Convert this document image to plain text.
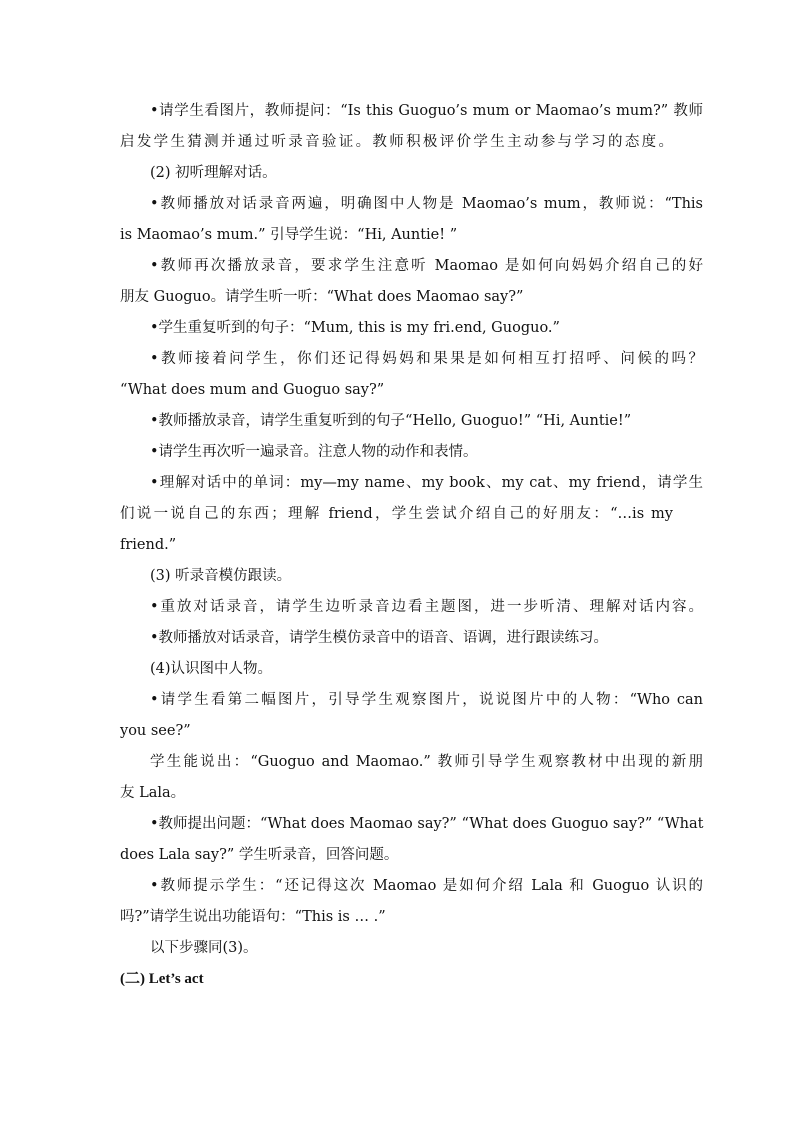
•请学生看图片，教师提问：“Is this Guoguo’s mum or Maomao’s mum?” 教师
启发学生猜测并通过听录音验证。教师积极评价学生主动参与学习的态度。
(2) 初听理解对话。
•教师播放对话录音两遍，明确图中人物是 Maomao’s mum，教师说：“This
is Maomao’s mum.” 引导学生说：“Hi, Auntie! ”
•教师再次播放录音，要求学生注意听 Maomao 是如何向妈妈介绍自己的好
朋友 Guoguo。请学生听一听：“What does Maomao say?”
•学生重复听到的句子：“Mum, this is my fri.end, Guoguo.”
•教师接着问学生，你们还记得妈妈和果果是如何相互打招呼、问候的吗？
“What does mum and Guoguo say?”
•教师播放录音，请学生重复听到的句子“Hello, Guoguo!” “Hi, Auntie!”
•请学生再次听一遍录音。注意人物的动作和表情。
•理解对话中的单词：my—my name、my book、my cat、my friend，请学生
们说一说自己的东西；理解 friend，学生尝试介绍自己的好朋友：“…is my
friend.”
(3) 听录音模仿跟读。
•重放对话录音，请学生边听录音边看主题图，进一步听清、理解对话内容。
•教师播放对话录音，请学生模仿录音中的语音、语调，进行跟读练习。
(4)认识图中人物。
•请学生看第二幅图片，引导学生观察图片，说说图片中的人物：“Who can
you see?”
学生能说出：“Guoguo and Maomao.” 教师引导学生观察教材中出现的新朋
友 Lala。
•教师提出问题：“What does Maomao say?” “What does Guoguo say?” “What
does Lala say?” 学生听录音，回答问题。
•教师提示学生：“还记得这次 Maomao 是如何介绍 Lala 和 Guoguo 认识的
吗?”请学生说出功能语句：“This is … .”
以下步骤同(3)。
(二) Let’s act
